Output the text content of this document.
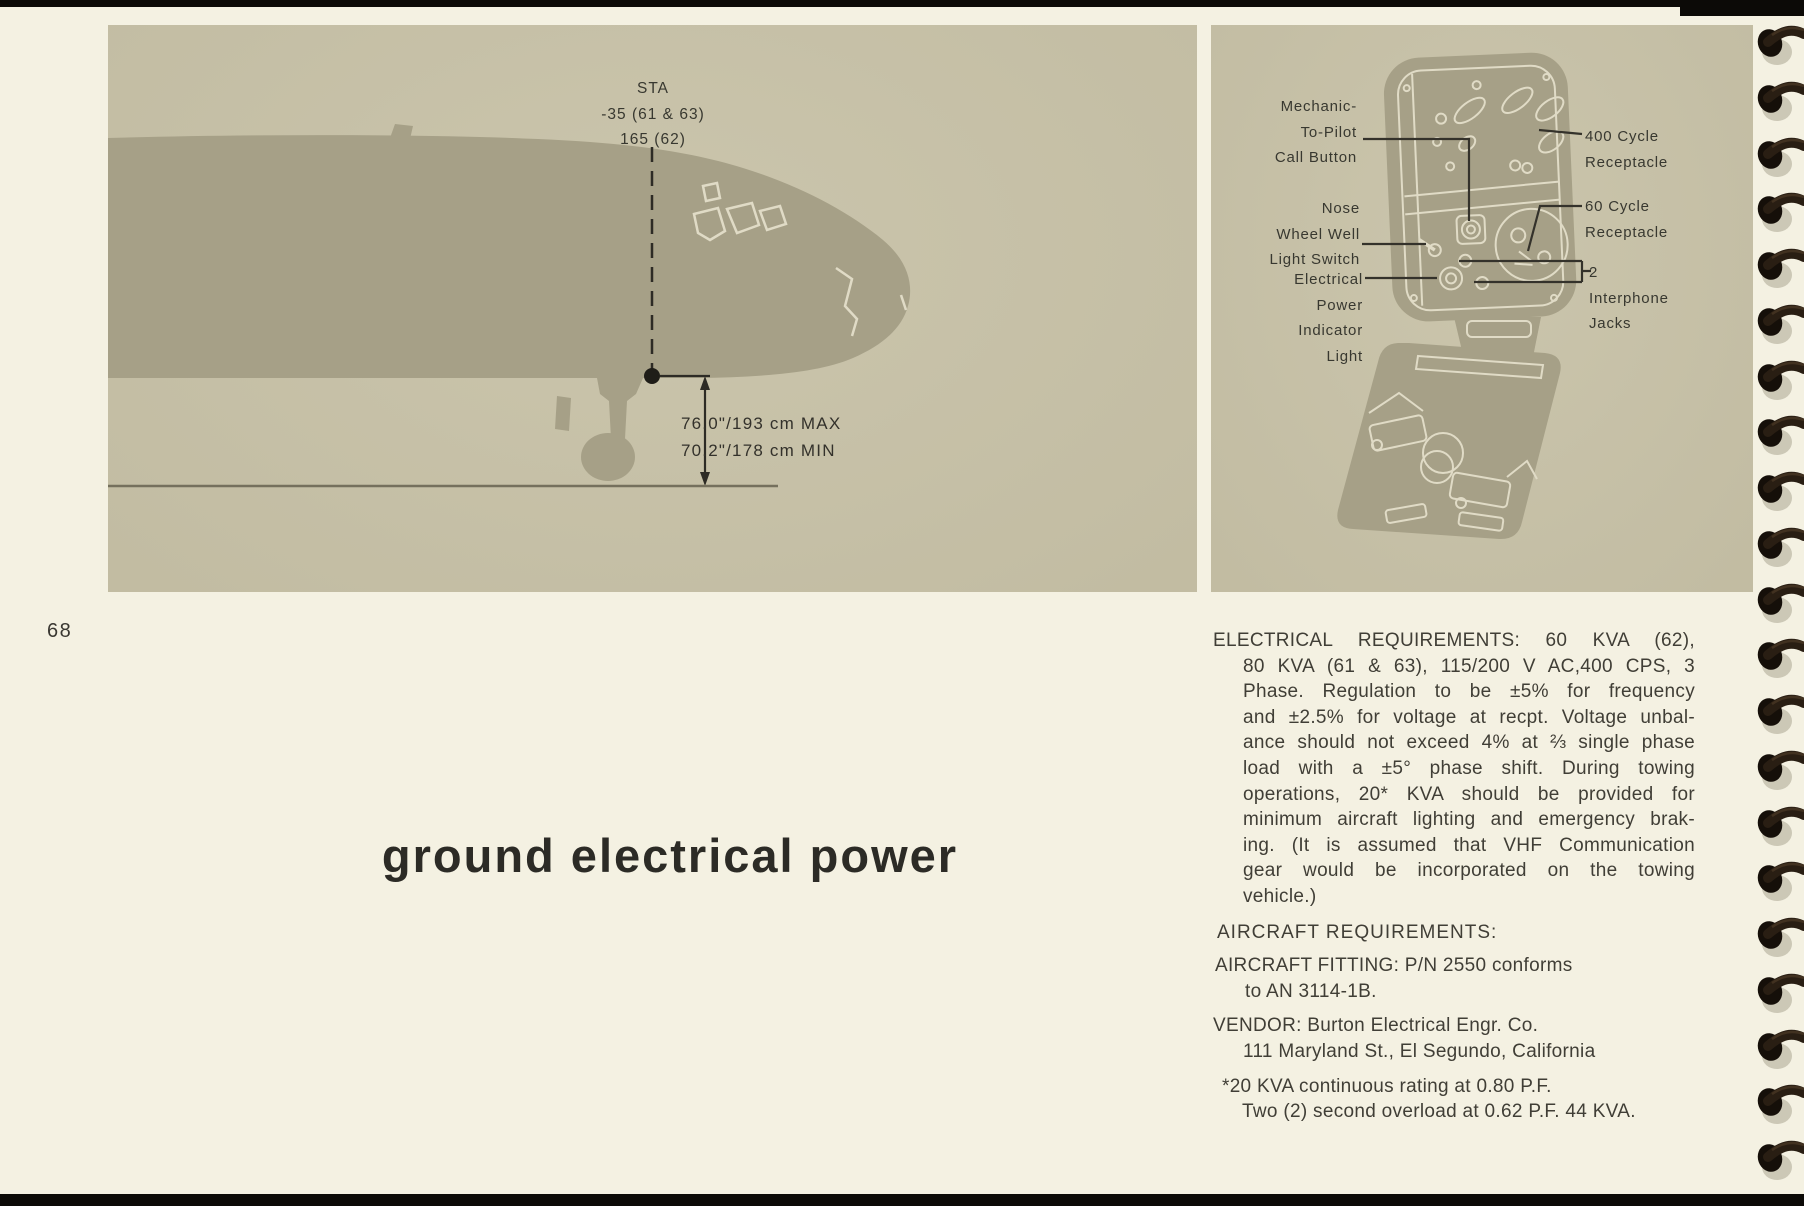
STA
-35 (61 & 63)
165 (62)
76.0"/193 cm MAX
70.2"/178 cm MIN
Mechanic-
To-Pilot
Call Button
Nose
Wheel Well
Light Switch
Electrical
Power
Indicator
Light
400 Cycle
Receptacle
60 Cycle
Receptacle
2
Interphone
Jacks
68
ground electrical power
ELECTRICAL REQUIREMENTS: 60 KVA (62),
80 KVA (61 & 63), 115/200 V AC,400 CPS, 3
Phase. Regulation to be ±5% for frequency
and ±2.5% for voltage at recpt. Voltage unbal-
ance should not exceed 4% at ⅔ single phase
load with a ±5° phase shift. During towing
operations, 20* KVA should be provided for
minimum aircraft lighting and emergency brak-
ing. (It is assumed that VHF Communication
gear would be incorporated on the towing
vehicle.)
AIRCRAFT REQUIREMENTS:
AIRCRAFT FITTING: P/N 2550 conforms
to AN 3114-1B.
VENDOR: Burton Electrical Engr. Co.
111 Maryland St., El Segundo, California
*20 KVA continuous rating at 0.80 P.F.
Two (2) second overload at 0.62 P.F. 44 KVA.
